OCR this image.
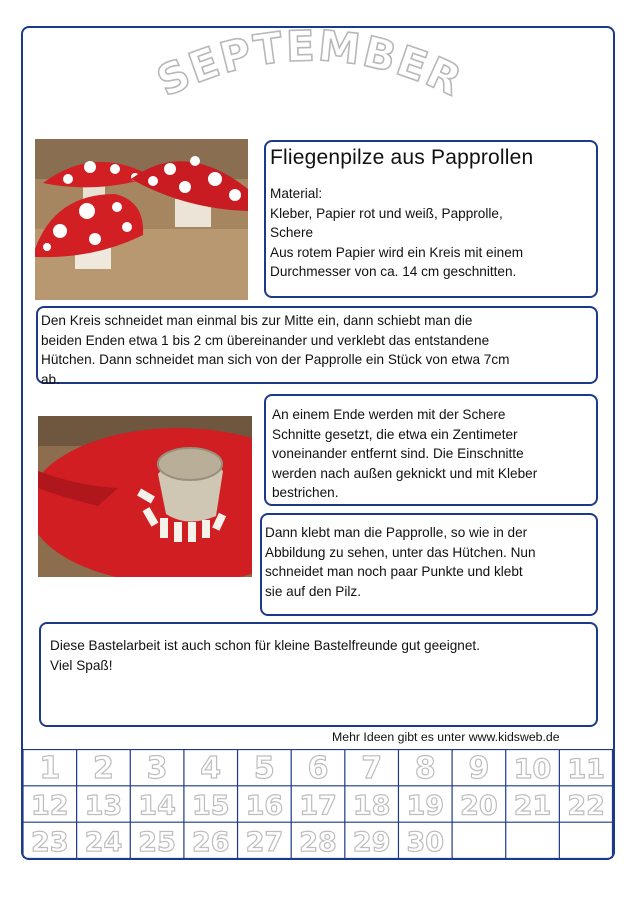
SEPTEMBER
Fliegenpilze aus Papprollen
Material:
Kleber, Papier rot und weiß, Papprolle,
Schere
Aus rotem Papier wird ein Kreis mit einem
Durchmesser von ca. 14 cm geschnitten.
Den Kreis schneidet man einmal bis zur Mitte ein, dann schiebt man die
beiden Enden etwa 1 bis 2 cm übereinander und verklebt das entstandene
Hütchen. Dann schneidet man sich von der Papprolle ein Stück von etwa 7cm
ab.
An einem Ende werden mit der Schere
Schnitte gesetzt, die etwa ein Zentimeter
voneinander entfernt sind. Die Einschnitte
werden nach außen geknickt und mit Kleber
bestrichen.
Dann klebt man die Papprolle, so wie in der
Abbildung zu sehen, unter das Hütchen. Nun
schneidet man noch paar Punkte und klebt
sie auf den Pilz.
Diese Bastelarbeit ist auch schon für kleine Bastelfreunde gut geeignet.
Viel Spaß!
Mehr Ideen gibt es unter www.kidsweb.de
1 2 3 4 5 6 7 8 9 10 11
12 13 14 15 16 17 18 19 20 21 22
23 24 25 26 27 28 29 30
